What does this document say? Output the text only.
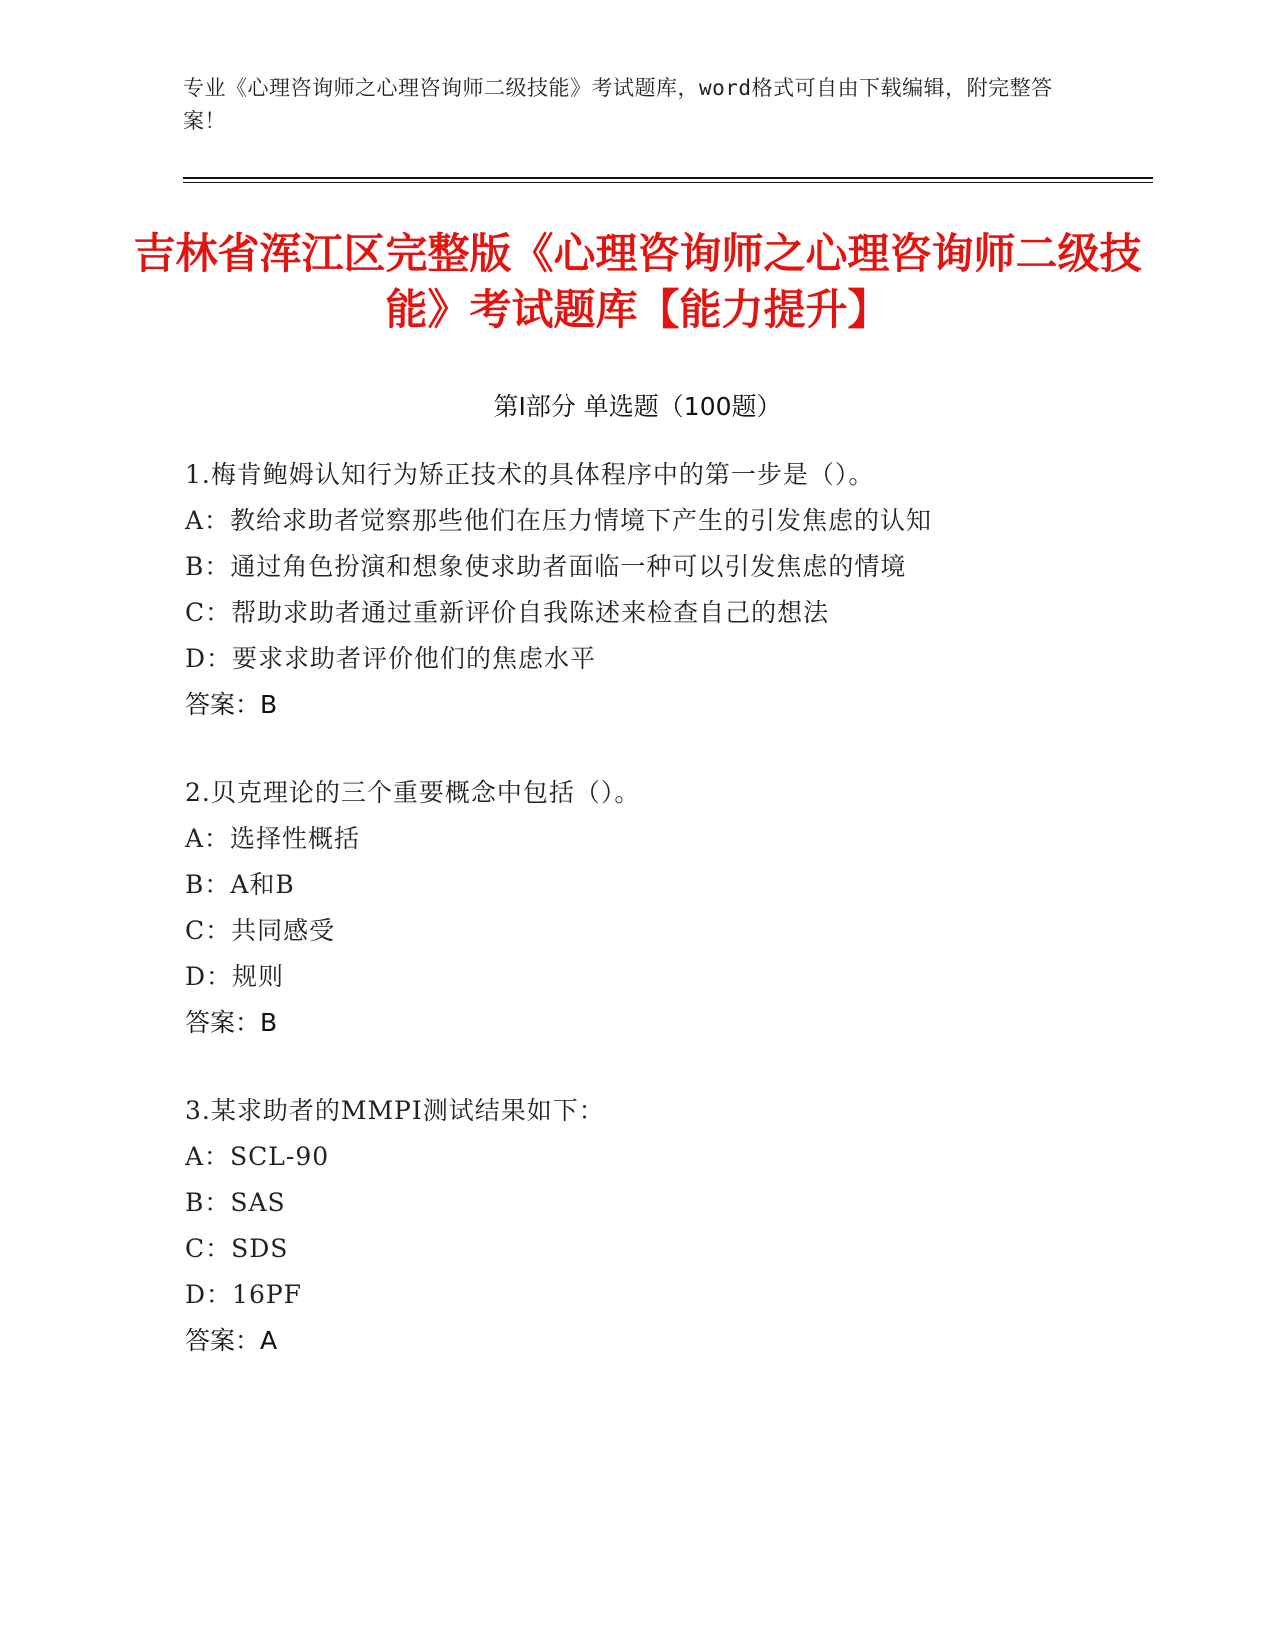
专业《心理咨询师之心理咨询师二级技能》考试题库，word格式可自由下载编辑，附完整答案！
吉林省浑江区完整版《心理咨询师之心理咨询师二级技能》考试题库【能力提升】
第I部分 单选题（100题）
1.梅肯鲍姆认知行为矫正技术的具体程序中的第一步是（）。
A：教给求助者觉察那些他们在压力情境下产生的引发焦虑的认知
B：通过角色扮演和想象使求助者面临一种可以引发焦虑的情境
C：帮助求助者通过重新评价自我陈述来检查自己的想法
D：要求求助者评价他们的焦虑水平
答案：B
2.贝克理论的三个重要概念中包括（）。
A：选择性概括
B：A和B
C：共同感受
D：规则
答案：B
3.某求助者的MMPI测试结果如下：
A：SCL-90
B：SAS
C：SDS
D：16PF
答案：A
